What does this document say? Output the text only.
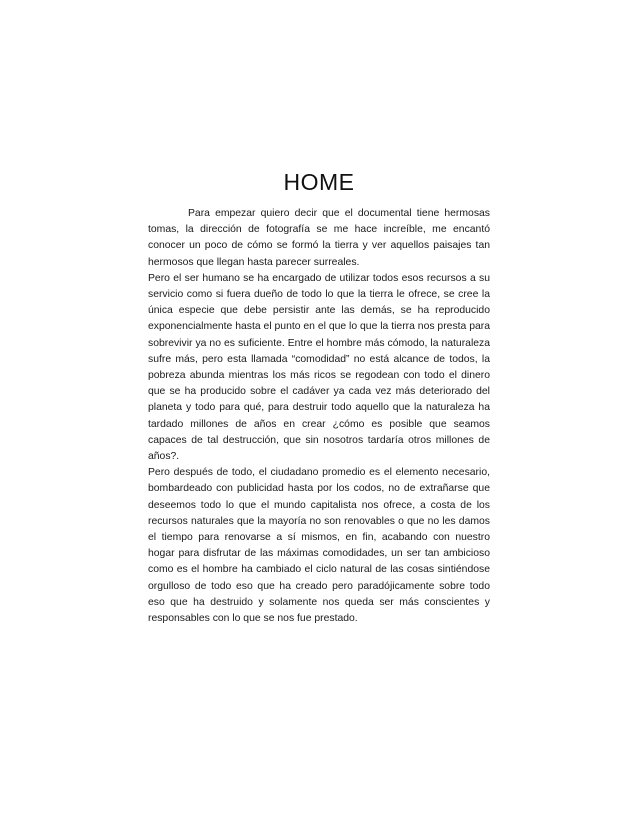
HOME

Para empezar quiero decir que el documental tiene hermosas tomas, la dirección de fotografía se me hace increíble, me encantó conocer un poco de cómo se formó la tierra y ver aquellos paisajes tan hermosos que llegan hasta parecer surreales.

Pero el ser humano se ha encargado de utilizar todos esos recursos a su servicio como si fuera dueño de todo lo que la tierra le ofrece, se cree la única especie que debe persistir ante las demás, se ha reproducido exponencialmente hasta el punto en el que lo que la tierra nos presta para sobrevivir ya no es suficiente. Entre el hombre más cómodo, la naturaleza sufre más, pero esta llamada “comodidad” no está alcance de todos, la pobreza abunda mientras los más ricos se regodean con todo el dinero que se ha producido sobre el cadáver ya cada vez más deteriorado del planeta y todo para qué, para destruir todo aquello que la naturaleza ha tardado millones de años en crear ¿cómo es posible que seamos capaces de tal destrucción, que sin nosotros tardaría otros millones de años?.

Pero después de todo, el ciudadano promedio es el elemento necesario, bombardeado con publicidad hasta por los codos, no de extrañarse que deseemos todo lo que el mundo capitalista nos ofrece, a costa de los recursos naturales que la mayoría no son renovables o que no les damos el tiempo para renovarse a sí mismos, en fin, acabando con nuestro hogar para disfrutar de las máximas comodidades, un ser tan ambicioso como es el hombre ha cambiado el ciclo natural de las cosas sintiéndose orgulloso de todo eso que ha creado pero paradójicamente sobre todo eso que ha destruido y solamente nos queda ser más conscientes y responsables con lo que se nos fue prestado.
